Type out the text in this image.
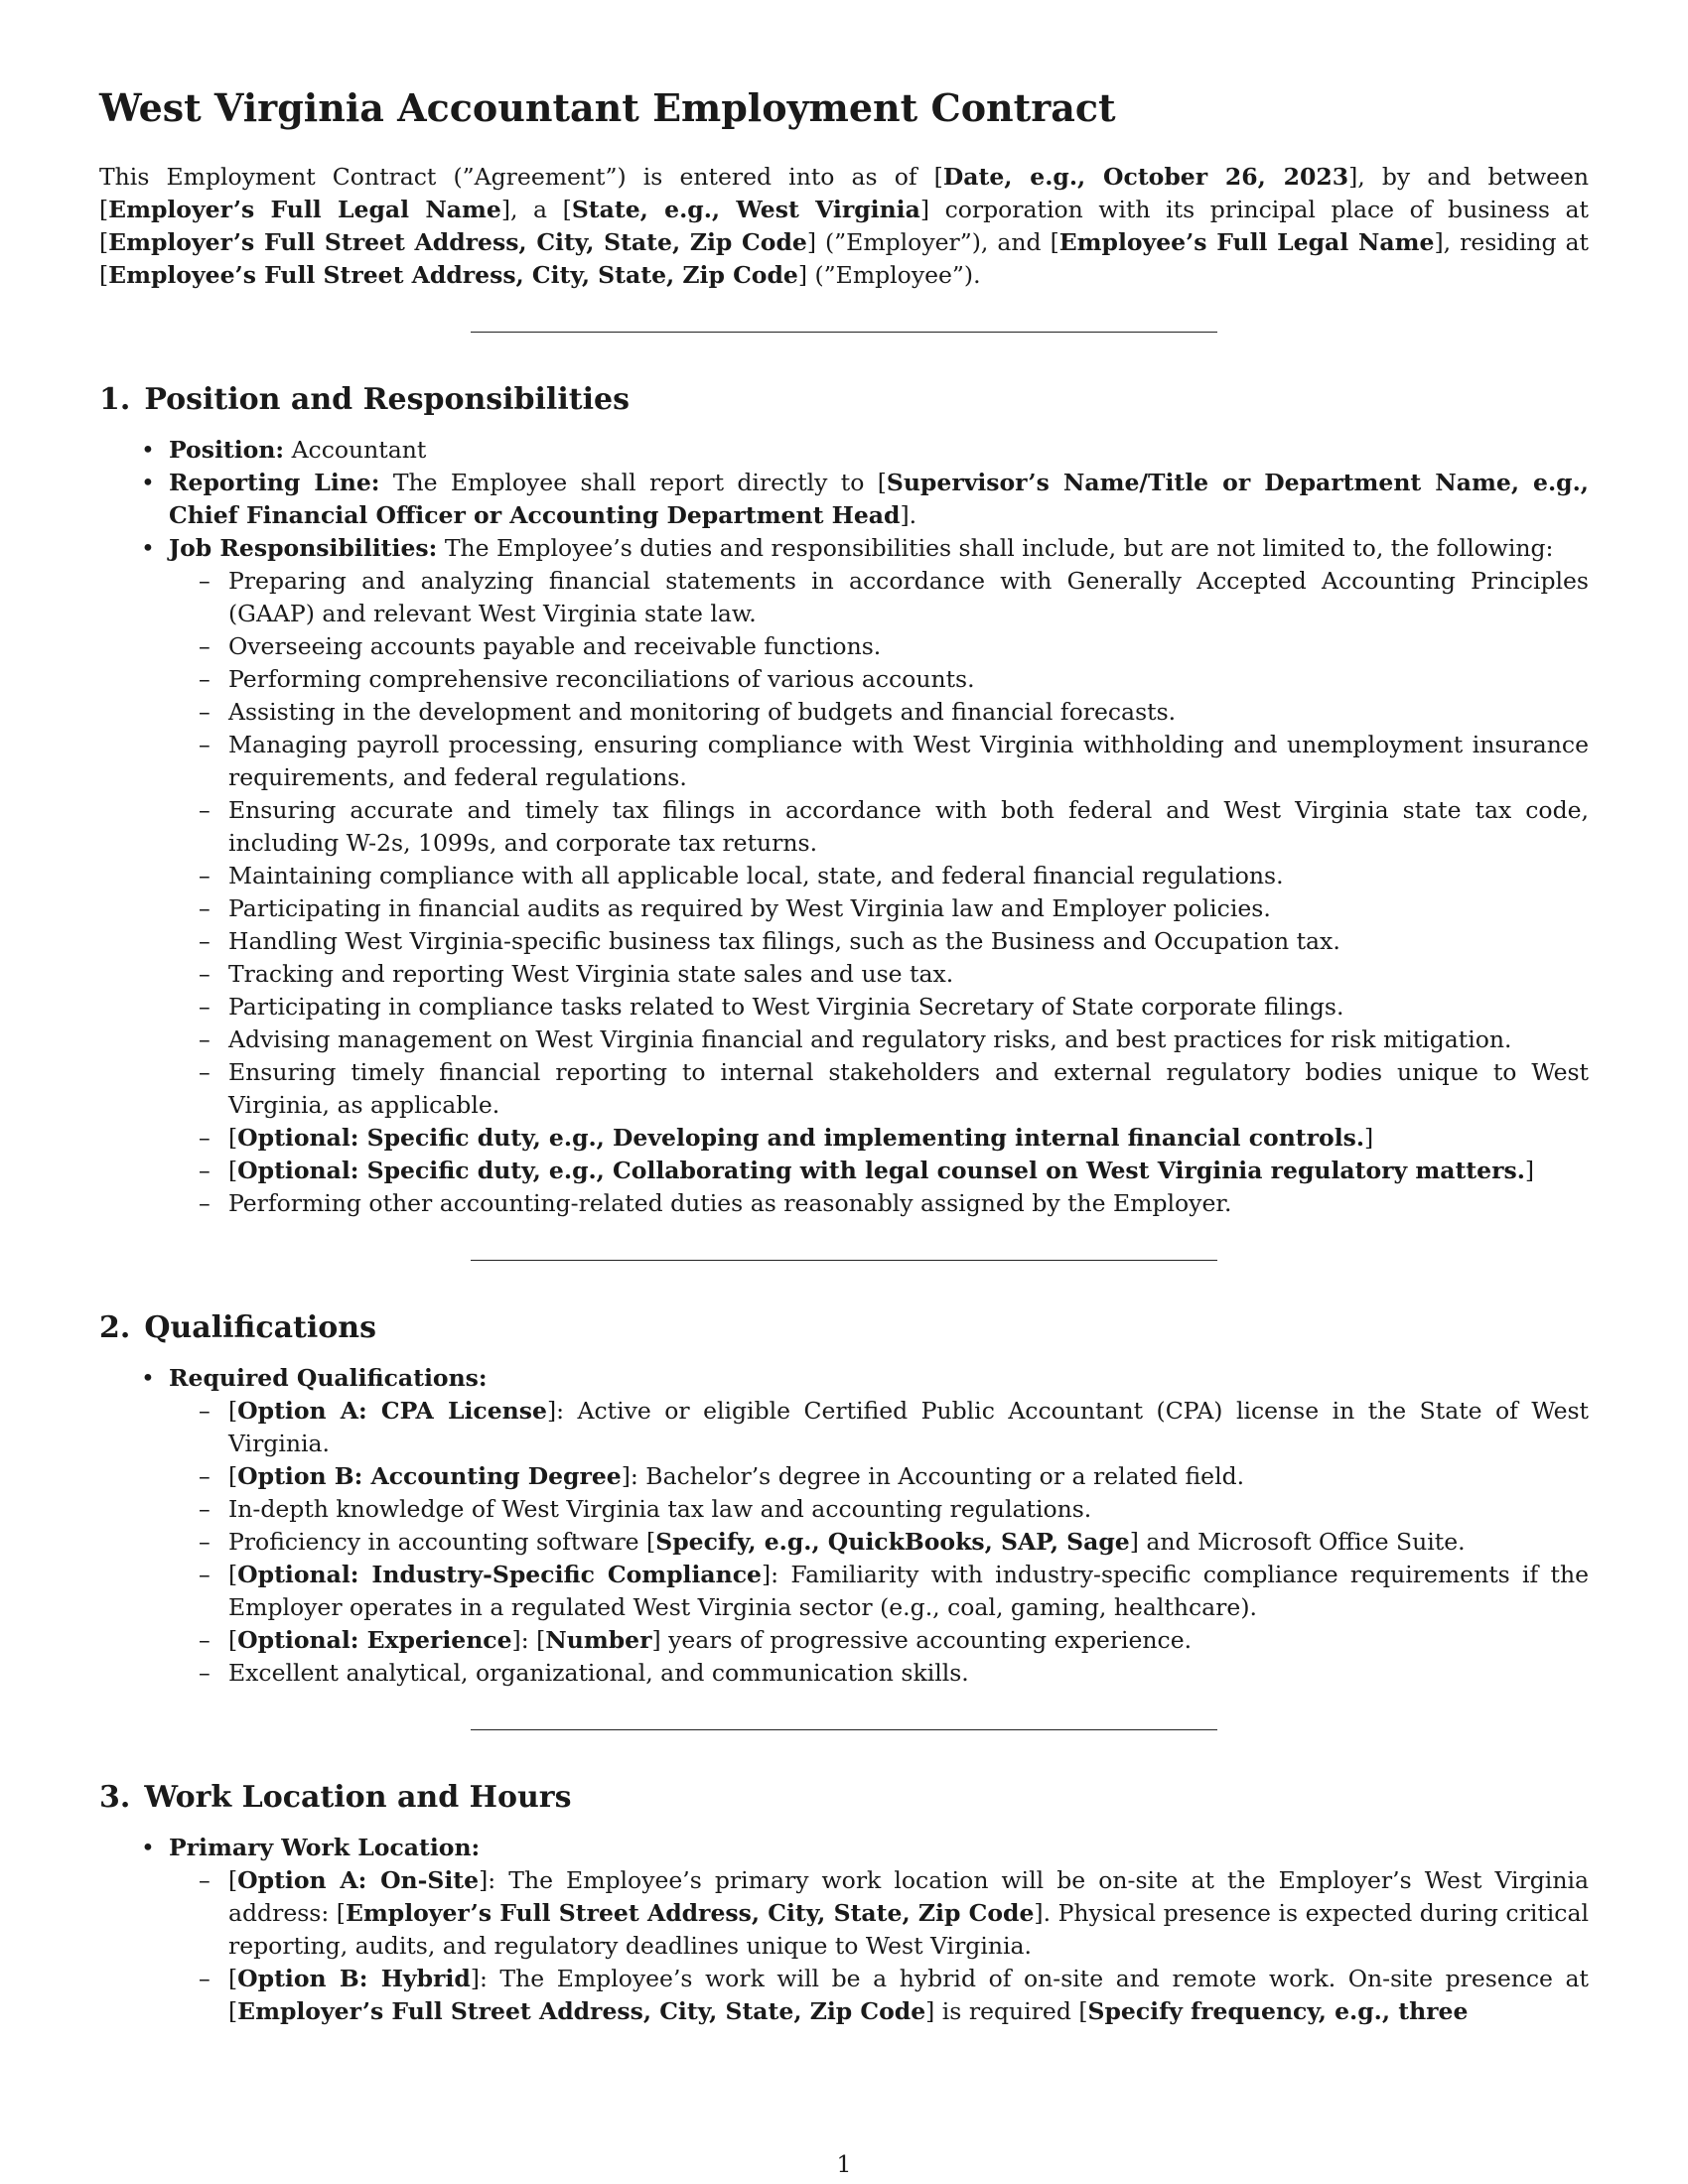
West Virginia Accountant Employment Contract

This Employment Contract (”Agreement”) is entered into as of [Date, e.g., October 26, 2023], by and between [Employer’s Full Legal Name], a [State, e.g., West Virginia] corporation with its principal place of business at [Employer’s Full Street Address, City, State, Zip Code] (”Employer”), and [Employee’s Full Legal Name], residing at [Employee’s Full Street Address, City, State, Zip Code] (”Employee”).

1. Position and Responsibilities
• Position: Accountant
• Reporting Line: The Employee shall report directly to [Supervisor’s Name/Title or Department Name, e.g., Chief Financial Officer or Accounting Department Head].
• Job Responsibilities: The Employee’s duties and responsibilities shall include, but are not limited to, the following:
– Preparing and analyzing financial statements in accordance with Generally Accepted Accounting Principles (GAAP) and relevant West Virginia state law.
– Overseeing accounts payable and receivable functions.
– Performing comprehensive reconciliations of various accounts.
– Assisting in the development and monitoring of budgets and financial forecasts.
– Managing payroll processing, ensuring compliance with West Virginia withholding and unemployment insurance requirements, and federal regulations.
– Ensuring accurate and timely tax filings in accordance with both federal and West Virginia state tax code, including W-2s, 1099s, and corporate tax returns.
– Maintaining compliance with all applicable local, state, and federal financial regulations.
– Participating in financial audits as required by West Virginia law and Employer policies.
– Handling West Virginia-specific business tax filings, such as the Business and Occupation tax.
– Tracking and reporting West Virginia state sales and use tax.
– Participating in compliance tasks related to West Virginia Secretary of State corporate filings.
– Advising management on West Virginia financial and regulatory risks, and best practices for risk mitigation.
– Ensuring timely financial reporting to internal stakeholders and external regulatory bodies unique to West Virginia, as applicable.
– [Optional: Specific duty, e.g., Developing and implementing internal financial controls.]
– [Optional: Specific duty, e.g., Collaborating with legal counsel on West Virginia regulatory matters.]
– Performing other accounting-related duties as reasonably assigned by the Employer.
2. Qualifications
• Required Qualifications:
– [Option A: CPA License]: Active or eligible Certified Public Accountant (CPA) license in the State of West Virginia.
– [Option B: Accounting Degree]: Bachelor’s degree in Accounting or a related field.
– In-depth knowledge of West Virginia tax law and accounting regulations.
– Proficiency in accounting software [Specify, e.g., QuickBooks, SAP, Sage] and Microsoft Office Suite.
– [Optional: Industry-Specific Compliance]: Familiarity with industry-specific compliance requirements if the Employer operates in a regulated West Virginia sector (e.g., coal, gaming, healthcare).
– [Optional: Experience]: [Number] years of progressive accounting experience.
– Excellent analytical, organizational, and communication skills.
3. Work Location and Hours
• Primary Work Location:
– [Option A: On-Site]: The Employee’s primary work location will be on-site at the Employer’s West Virginia address: [Employer’s Full Street Address, City, State, Zip Code]. Physical presence is expected during critical reporting, audits, and regulatory deadlines unique to West Virginia.
– [Option B: Hybrid]: The Employee’s work will be a hybrid of on-site and remote work. On-site presence at [Employer’s Full Street Address, City, State, Zip Code] is required [Specify frequency, e.g., three
1
